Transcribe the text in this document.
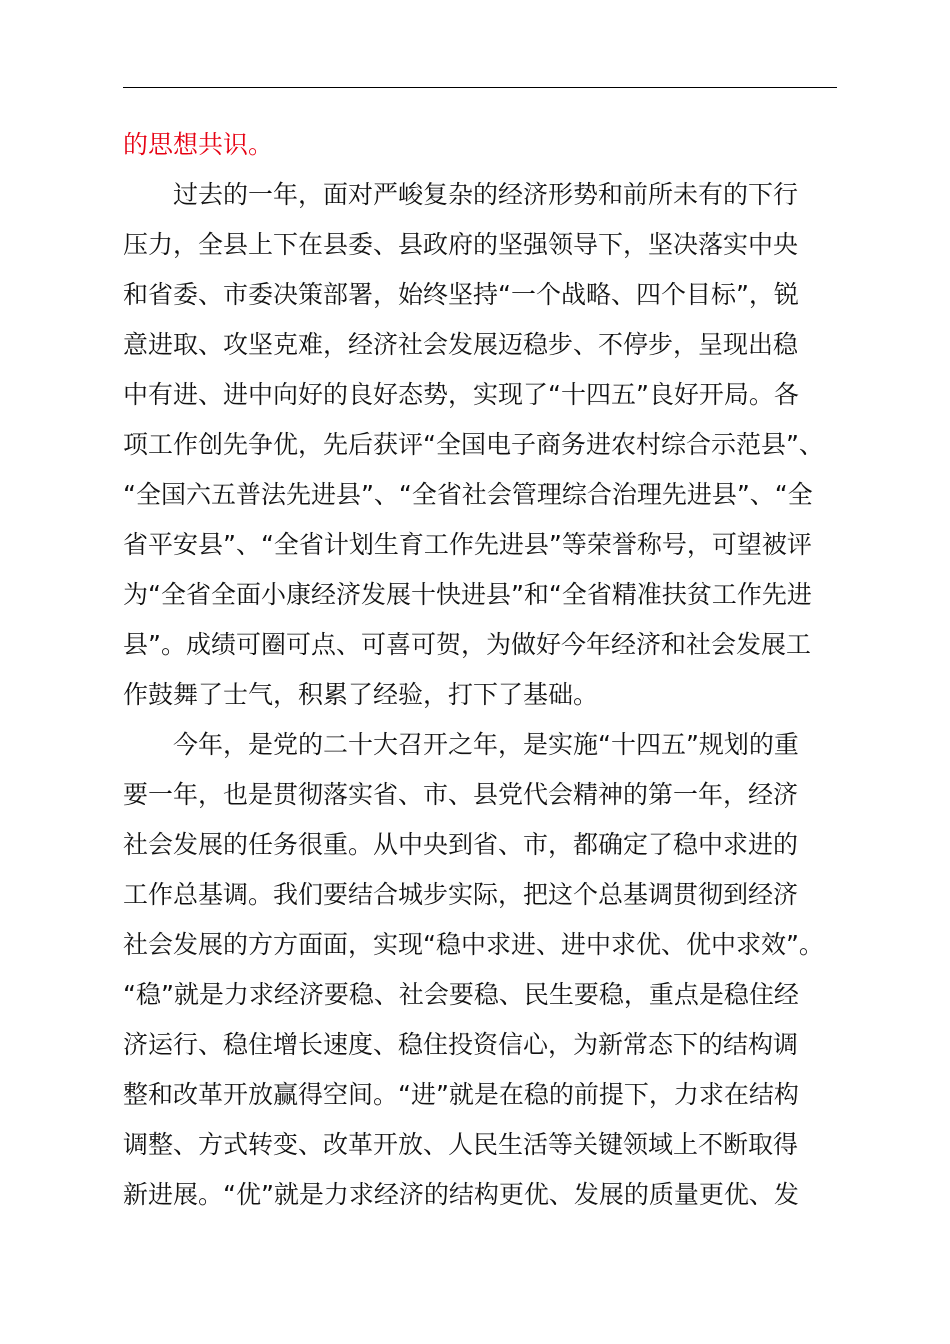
的思想共识。
过去的一年，面对严峻复杂的经济形势和前所未有的下行
压力，全县上下在县委、县政府的坚强领导下，坚决落实中央
和省委、市委决策部署，始终坚持“一个战略、四个目标”，锐
意进取、攻坚克难，经济社会发展迈稳步、不停步，呈现出稳
中有进、进中向好的良好态势，实现了“十四五”良好开局。各
项工作创先争优，先后获评“全国电子商务进农村综合示范县”、
“全国六五普法先进县”、“全省社会管理综合治理先进县”、“全
省平安县”、“全省计划生育工作先进县”等荣誉称号，可望被评
为“全省全面小康经济发展十快进县”和“全省精准扶贫工作先进
县”。成绩可圈可点、可喜可贺，为做好今年经济和社会发展工
作鼓舞了士气，积累了经验，打下了基础。
今年，是党的二十大召开之年，是实施“十四五”规划的重
要一年，也是贯彻落实省、市、县党代会精神的第一年，经济
社会发展的任务很重。从中央到省、市，都确定了稳中求进的
工作总基调。我们要结合城步实际，把这个总基调贯彻到经济
社会发展的方方面面，实现“稳中求进、进中求优、优中求效”。
“稳”就是力求经济要稳、社会要稳、民生要稳，重点是稳住经
济运行、稳住增长速度、稳住投资信心，为新常态下的结构调
整和改革开放赢得空间。“进”就是在稳的前提下，力求在结构
调整、方式转变、改革开放、人民生活等关键领域上不断取得
新进展。“优”就是力求经济的结构更优、发展的质量更优、发
